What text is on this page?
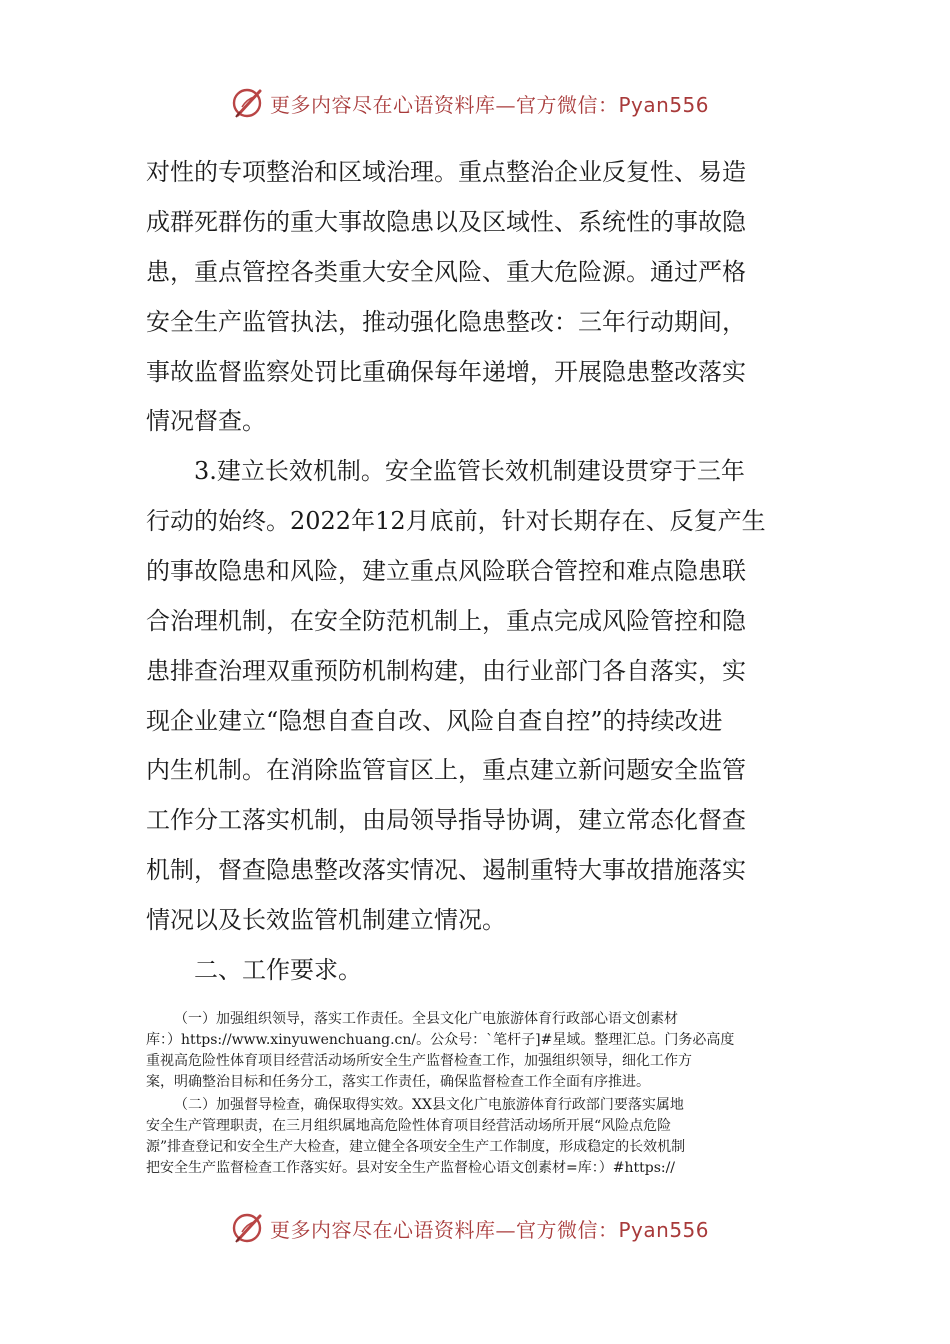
更多内容尽在心语资料库—官方微信：Pyan556
对性的专项整治和区域治理。重点整治企业反复性、易造
成群死群伤的重大事故隐患以及区域性、系统性的事故隐
患，重点管控各类重大安全风险、重大危险源。通过严格
安全生产监管执法，推动强化隐患整改：三年行动期间，
事故监督监察处罚比重确保每年递增，开展隐患整改落实
情况督查。
3.建立长效机制。安全监管长效机制建设贯穿于三年
行动的始终。2022年12月底前，针对长期存在、反复产生
的事故隐患和风险，建立重点风险联合管控和难点隐患联
合治理机制，在安全防范机制上，重点完成风险管控和隐
患排查治理双重预防机制构建，由行业部门各自落实，实
现企业建立“隐想自查自改、风险自查自控”的持续改进
内生机制。在消除监管盲区上，重点建立新问题安全监管
工作分工落实机制，由局领导指导协调，建立常态化督查
机制，督查隐患整改落实情况、遏制重特大事故措施落实
情况以及长效监管机制建立情况。
二、工作要求。
（一）加强组织领导，落实工作责任。全县文化广电旅游体育行政部心语文创素材
库：）https://www.xinyuwenchuang.cn/。公众号：`笔杆子]#星域。整理汇总。门务必高度
重视高危险性体育项目经营活动场所安全生产监督检查工作，加强组织领导，细化工作方
案，明确整治目标和任务分工，落实工作责任，确保监督检查工作全面有序推进。
（二）加强督导检查，确保取得实效。XX县文化广电旅游体育行政部门要落实属地
安全生产管理职责，在三月组织属地高危险性体育项目经营活动场所开展“风险点危险
源”排查登记和安全生产大检查，建立健全各项安全生产工作制度，形成稳定的长效机制
把安全生产监督检查工作落实好。县对安全生产监督检心语文创素材=库：）#https://
更多内容尽在心语资料库—官方微信：Pyan556
